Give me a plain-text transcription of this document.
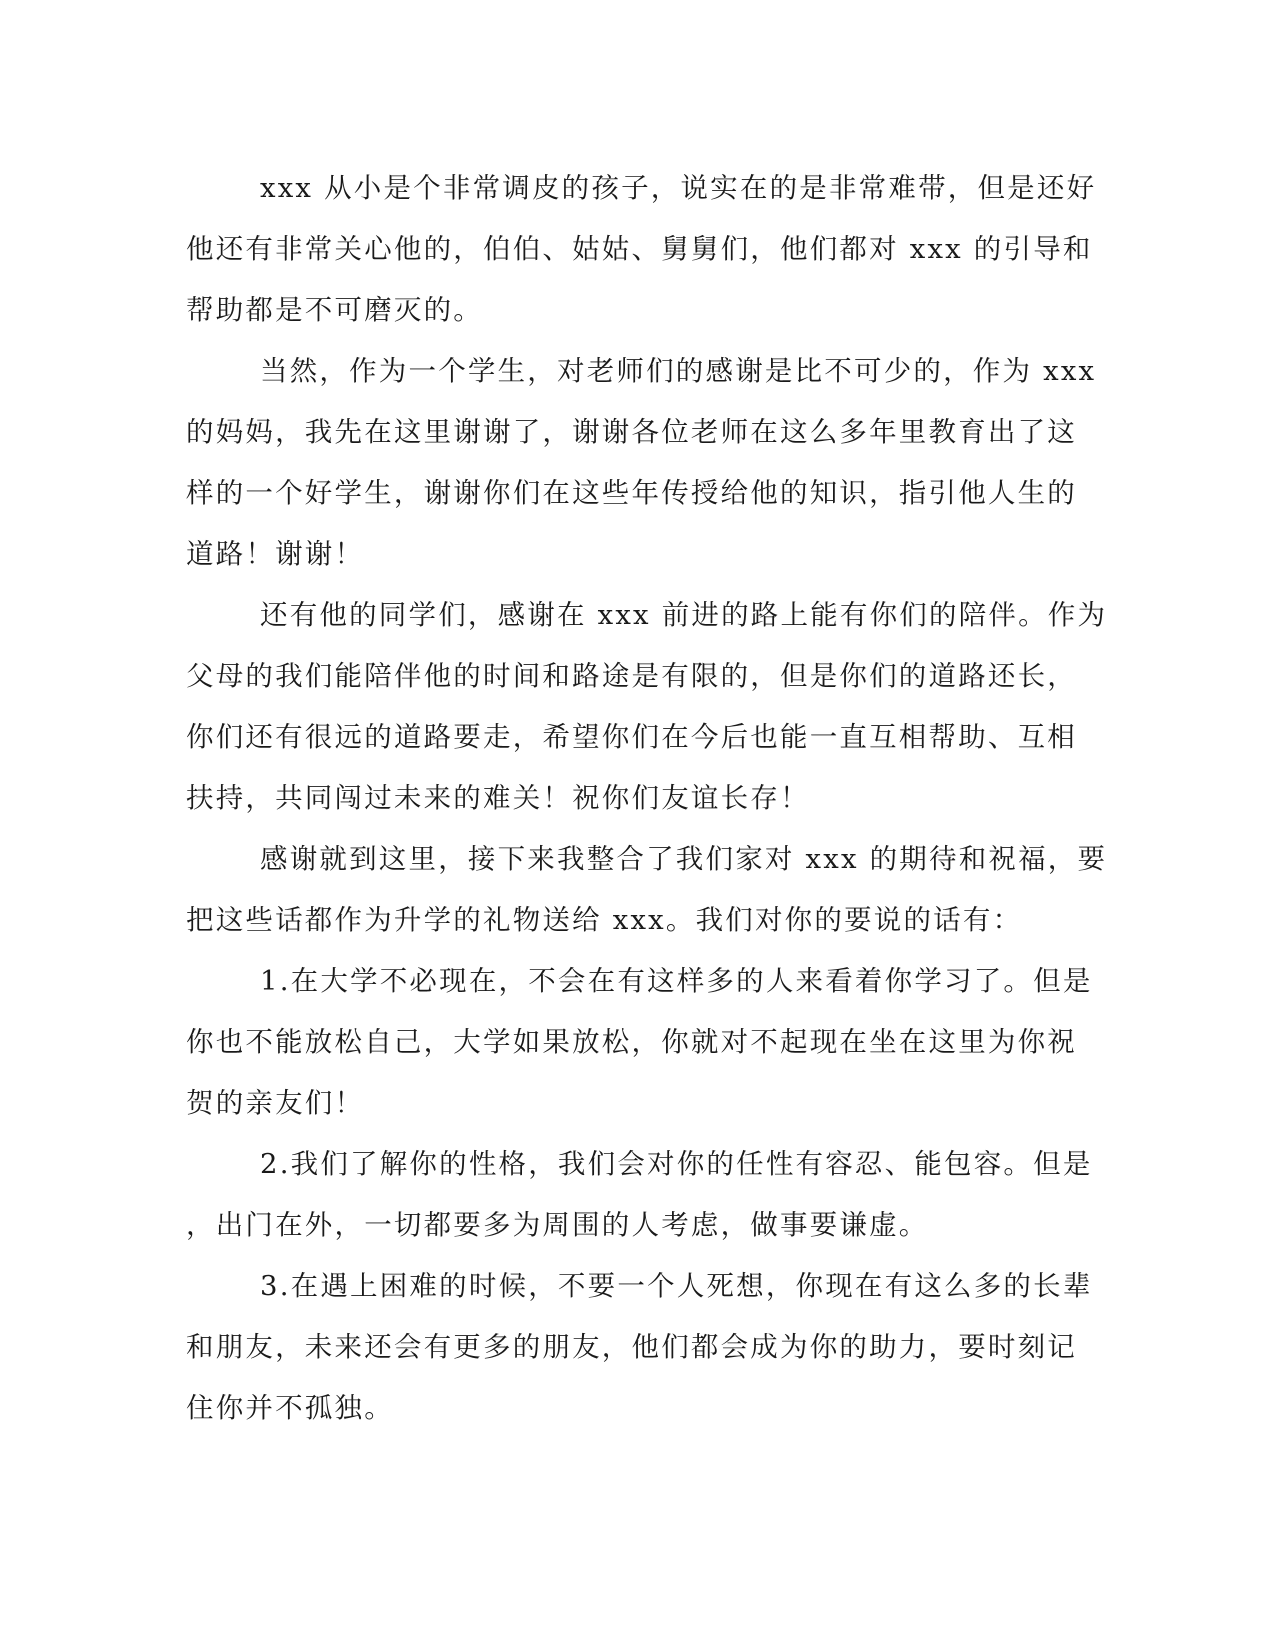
xxx 从小是个非常调皮的孩子，说实在的是非常难带，但是还好
他还有非常关心他的，伯伯、姑姑、舅舅们，他们都对 xxx 的引导和
帮助都是不可磨灭的。

当然，作为一个学生，对老师们的感谢是比不可少的，作为 xxx
的妈妈，我先在这里谢谢了，谢谢各位老师在这么多年里教育出了这
样的一个好学生，谢谢你们在这些年传授给他的知识，指引他人生的
道路！谢谢！

还有他的同学们，感谢在 xxx 前进的路上能有你们的陪伴。作为
父母的我们能陪伴他的时间和路途是有限的，但是你们的道路还长，
你们还有很远的道路要走，希望你们在今后也能一直互相帮助、互相
扶持，共同闯过未来的难关！祝你们友谊长存！

感谢就到这里，接下来我整合了我们家对 xxx 的期待和祝福，要
把这些话都作为升学的礼物送给 xxx。我们对你的要说的话有：

1.在大学不必现在，不会在有这样多的人来看着你学习了。但是
你也不能放松自己，大学如果放松，你就对不起现在坐在这里为你祝
贺的亲友们！

2.我们了解你的性格，我们会对你的任性有容忍、能包容。但是
，出门在外，一切都要多为周围的人考虑，做事要谦虚。

3.在遇上困难的时候，不要一个人死想，你现在有这么多的长辈
和朋友，未来还会有更多的朋友，他们都会成为你的助力，要时刻记
住你并不孤独。
